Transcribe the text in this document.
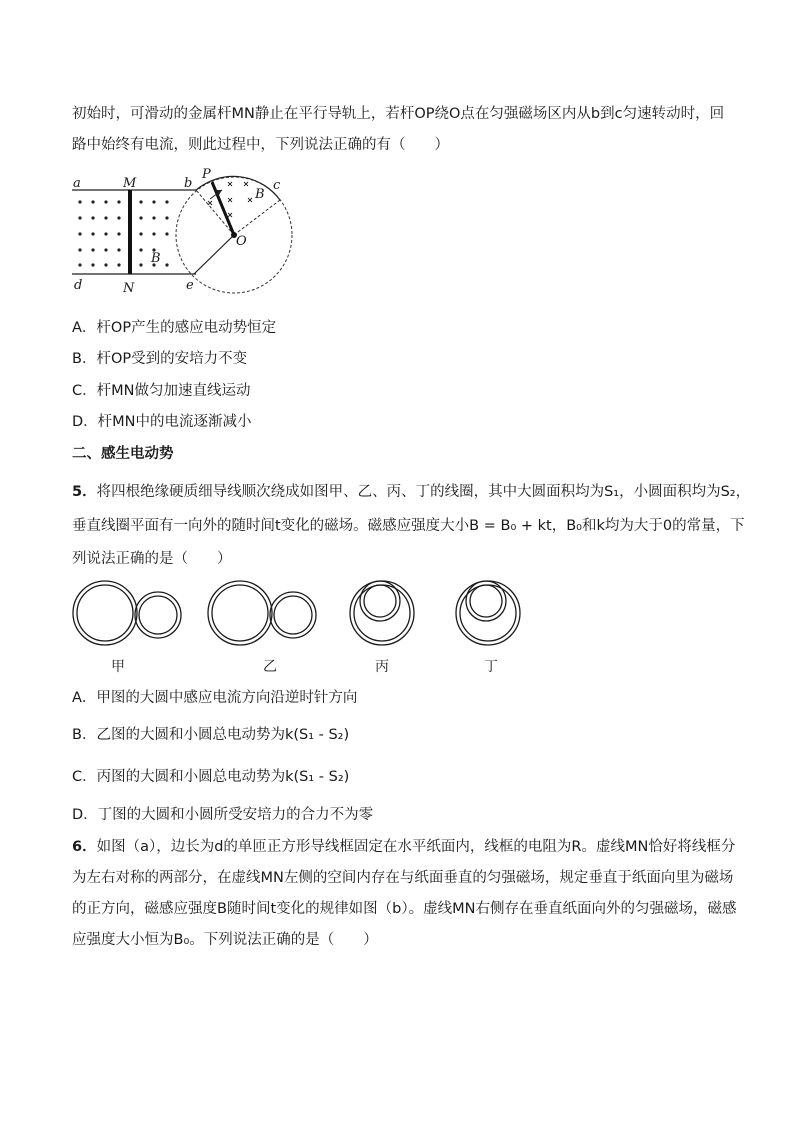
初始时，可滑动的金属杆MN静止在平行导轨上，若杆OP绕O点在匀强磁场区内从b到c匀速转动时，回
路中始终有电流，则此过程中，下列说法正确的有（　　）
a	M	b
P
c
B
O
B
d	N	e
A．杆OP产生的感应电动势恒定
B．杆OP受到的安培力不变
C．杆MN做匀加速直线运动
D．杆MN中的电流逐渐减小
二、感生电动势
5．将四根绝缘硬质细导线顺次绕成如图甲、乙、丙、丁的线圈，其中大圆面积均为S₁，小圆面积均为S₂，
垂直线圈平面有一向外的随时间t变化的磁场。磁感应强度大小B = B₀ + kt，B₀和k均为大于0的常量，下
列说法正确的是（　　）
甲	乙	丙	丁
A．甲图的大圆中感应电流方向沿逆时针方向
B．乙图的大圆和小圆总电动势为k(S₁ - S₂)
C．丙图的大圆和小圆总电动势为k(S₁ - S₂)
D．丁图的大圆和小圆所受安培力的合力不为零
6．如图（a），边长为d的单匝正方形导线框固定在水平纸面内，线框的电阻为R。虚线MN恰好将线框分
为左右对称的两部分，在虚线MN左侧的空间内存在与纸面垂直的匀强磁场，规定垂直于纸面向里为磁场
的正方向，磁感应强度B随时间t变化的规律如图（b）。虚线MN右侧存在垂直纸面向外的匀强磁场，磁感
应强度大小恒为B₀。下列说法正确的是（　　）
